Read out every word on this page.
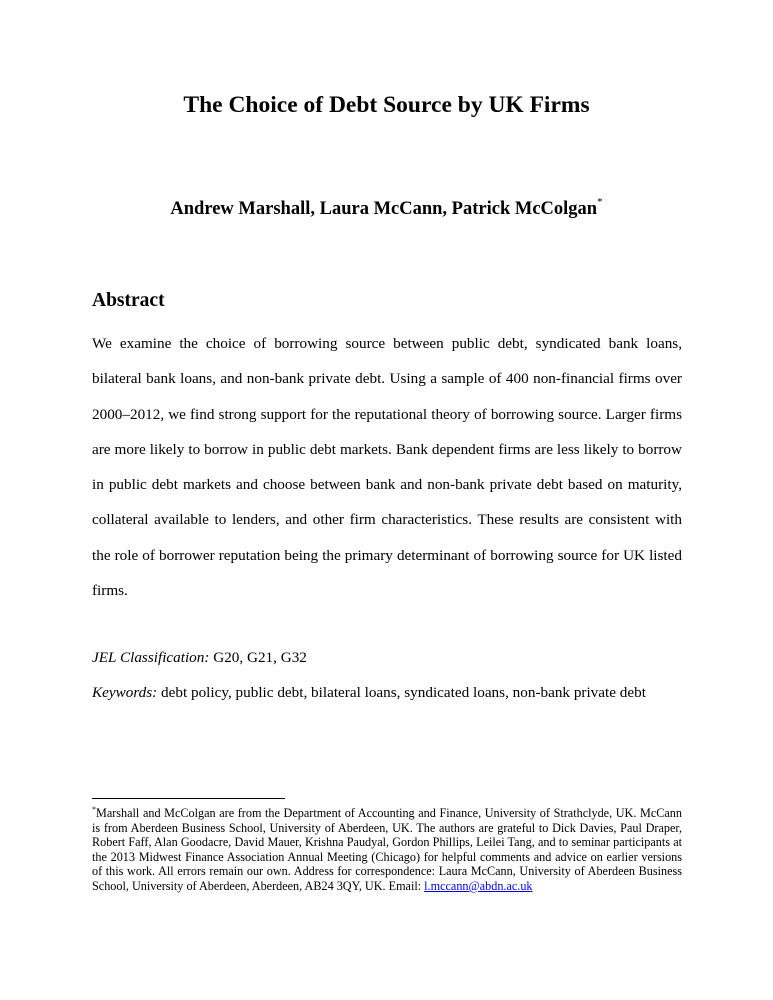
The Choice of Debt Source by UK Firms
Andrew Marshall, Laura McCann, Patrick McColgan*
Abstract

We examine the choice of borrowing source between public debt, syndicated bank loans, bilateral bank loans, and non-bank private debt. Using a sample of 400 non-financial firms over 2000–2012, we find strong support for the reputational theory of borrowing source. Larger firms are more likely to borrow in public debt markets. Bank dependent firms are less likely to borrow in public debt markets and choose between bank and non-bank private debt based on maturity, collateral available to lenders, and other firm characteristics. These results are consistent with the role of borrower reputation being the primary determinant of borrowing source for UK listed firms.

JEL Classification: G20, G21, G32
Keywords: debt policy, public debt, bilateral loans, syndicated loans, non-bank private debt

*Marshall and McColgan are from the Department of Accounting and Finance, University of Strathclyde, UK. McCann is from Aberdeen Business School, University of Aberdeen, UK. The authors are grateful to Dick Davies, Paul Draper, Robert Faff, Alan Goodacre, David Mauer, Krishna Paudyal, Gordon Phillips, Leilei Tang, and to seminar participants at the 2013 Midwest Finance Association Annual Meeting (Chicago) for helpful comments and advice on earlier versions of this work. All errors remain our own. Address for correspondence: Laura McCann, University of Aberdeen Business School, University of Aberdeen, Aberdeen, AB24 3QY, UK. Email: l.mccann@abdn.ac.uk
